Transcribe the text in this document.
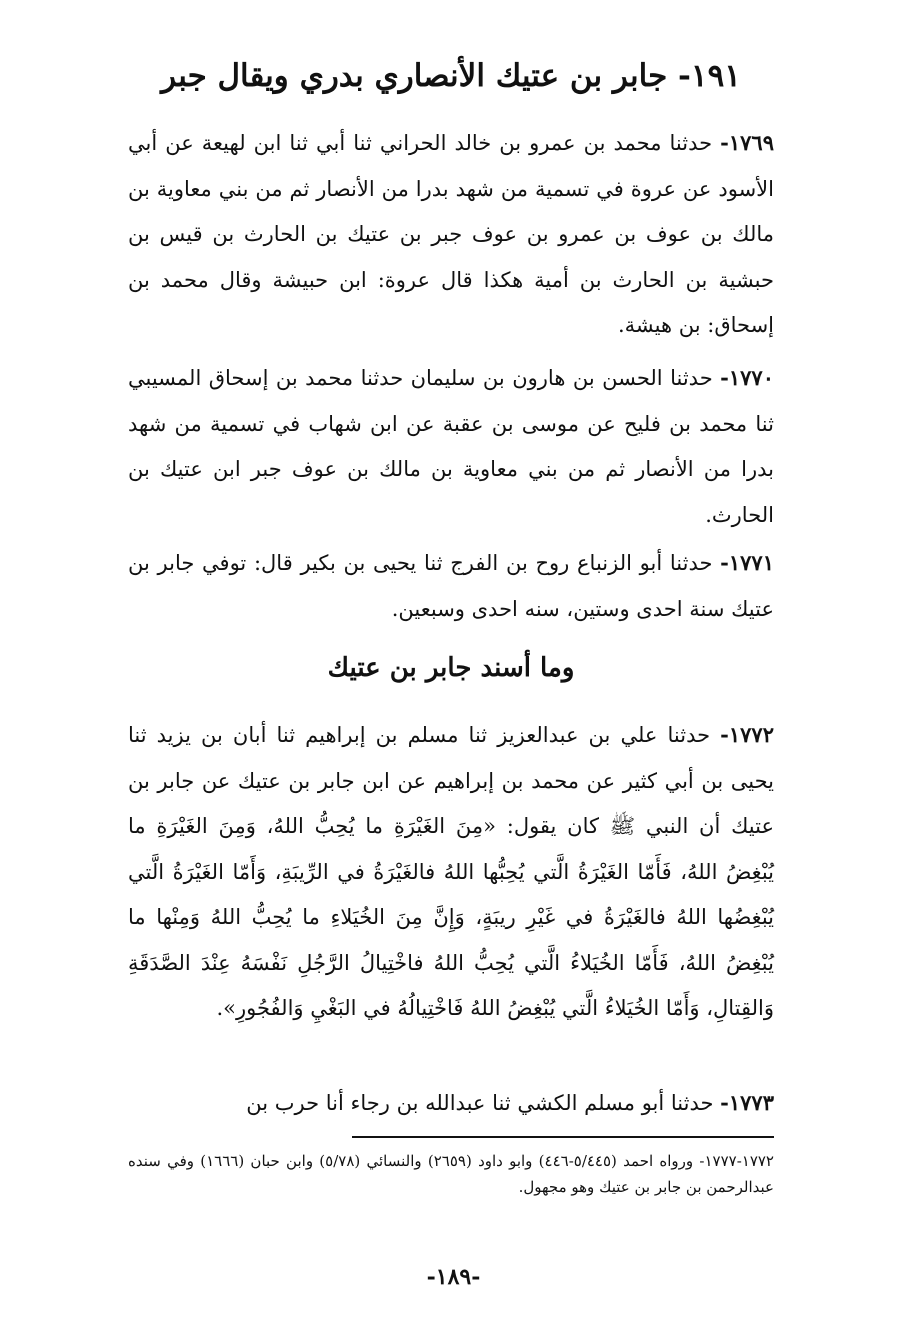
١٩١- جابر بن عتيك الأنصاري بدري ويقال جبر

١٧٦٩- حدثنا محمد بن عمرو بن خالد الحراني ثنا أبي ثنا ابن لهيعة عن أبي الأسود عن عروة في تسمية من شهد بدرا من الأنصار ثم من بني معاوية بن مالك بن عوف بن عمرو بن عوف جبر بن عتيك بن الحارث بن قيس بن حبشية بن الحارث بن أمية هكذا قال عروة: ابن حبيشة وقال محمد بن إسحاق: بن هيشة.

١٧٧٠- حدثنا الحسن بن هارون بن سليمان حدثنا محمد بن إسحاق المسيبي ثنا محمد بن فليح عن موسى بن عقبة عن ابن شهاب في تسمية من شهد بدرا من الأنصار ثم من بني معاوية بن مالك بن عوف جبر ابن عتيك بن الحارث.

١٧٧١- حدثنا أبو الزنباع روح بن الفرج ثنا يحيى بن بكير قال: توفي جابر بن عتيك سنة احدى وستين، سنه احدى وسبعين.

وما أسند جابر بن عتيك

١٧٧٢- حدثنا علي بن عبدالعزيز ثنا مسلم بن إبراهيم ثنا أبان بن يزيد ثنا يحيى بن أبي كثير عن محمد بن إبراهيم عن ابن جابر بن عتيك عن جابر بن عتيك أن النبي ﷺ كان يقول: «مِنَ الغَيْرَةِ ما يُحِبُّ اللهُ، وَمِنَ الغَيْرَةِ ما يُبْغِضُ اللهُ، فَأَمّا الغَيْرَةُ الَّتي يُحِبُّها اللهُ فالغَيْرَةُ في الرِّيبَةِ، وَأَمّا الغَيْرَةُ الَّتي يُبْغِضُها اللهُ فالغَيْرَةُ في غَيْرِ ريبَةٍ، وَإِنَّ مِنَ الخُيَلاءِ ما يُحِبُّ اللهُ وَمِنْها ما يُبْغِضُ اللهُ، فَأَمّا الخُيَلاءُ الَّتي يُحِبُّ اللهُ فاخْتِيالُ الرَّجُلِ نَفْسَهُ عِنْدَ الصَّدَقَةِ وَالقِتالِ، وَأَمّا الخُيَلاءُ الَّتي يُبْغِضُ اللهُ فَاخْتِيالُهُ في البَغْيِ وَالفُجُورِ».

١٧٧٣- حدثنا أبو مسلم الكشي ثنا عبدالله بن رجاء أنا حرب بن

١٧٧٢-١٧٧٧- ورواه احمد (٥/٤٤٥-٤٤٦) وابو داود (٢٦٥٩) والنسائي (٥/٧٨) وابن حبان (١٦٦٦) وفي سنده عبدالرحمن بن جابر بن عتيك وهو مجهول.
-١٨٩-
